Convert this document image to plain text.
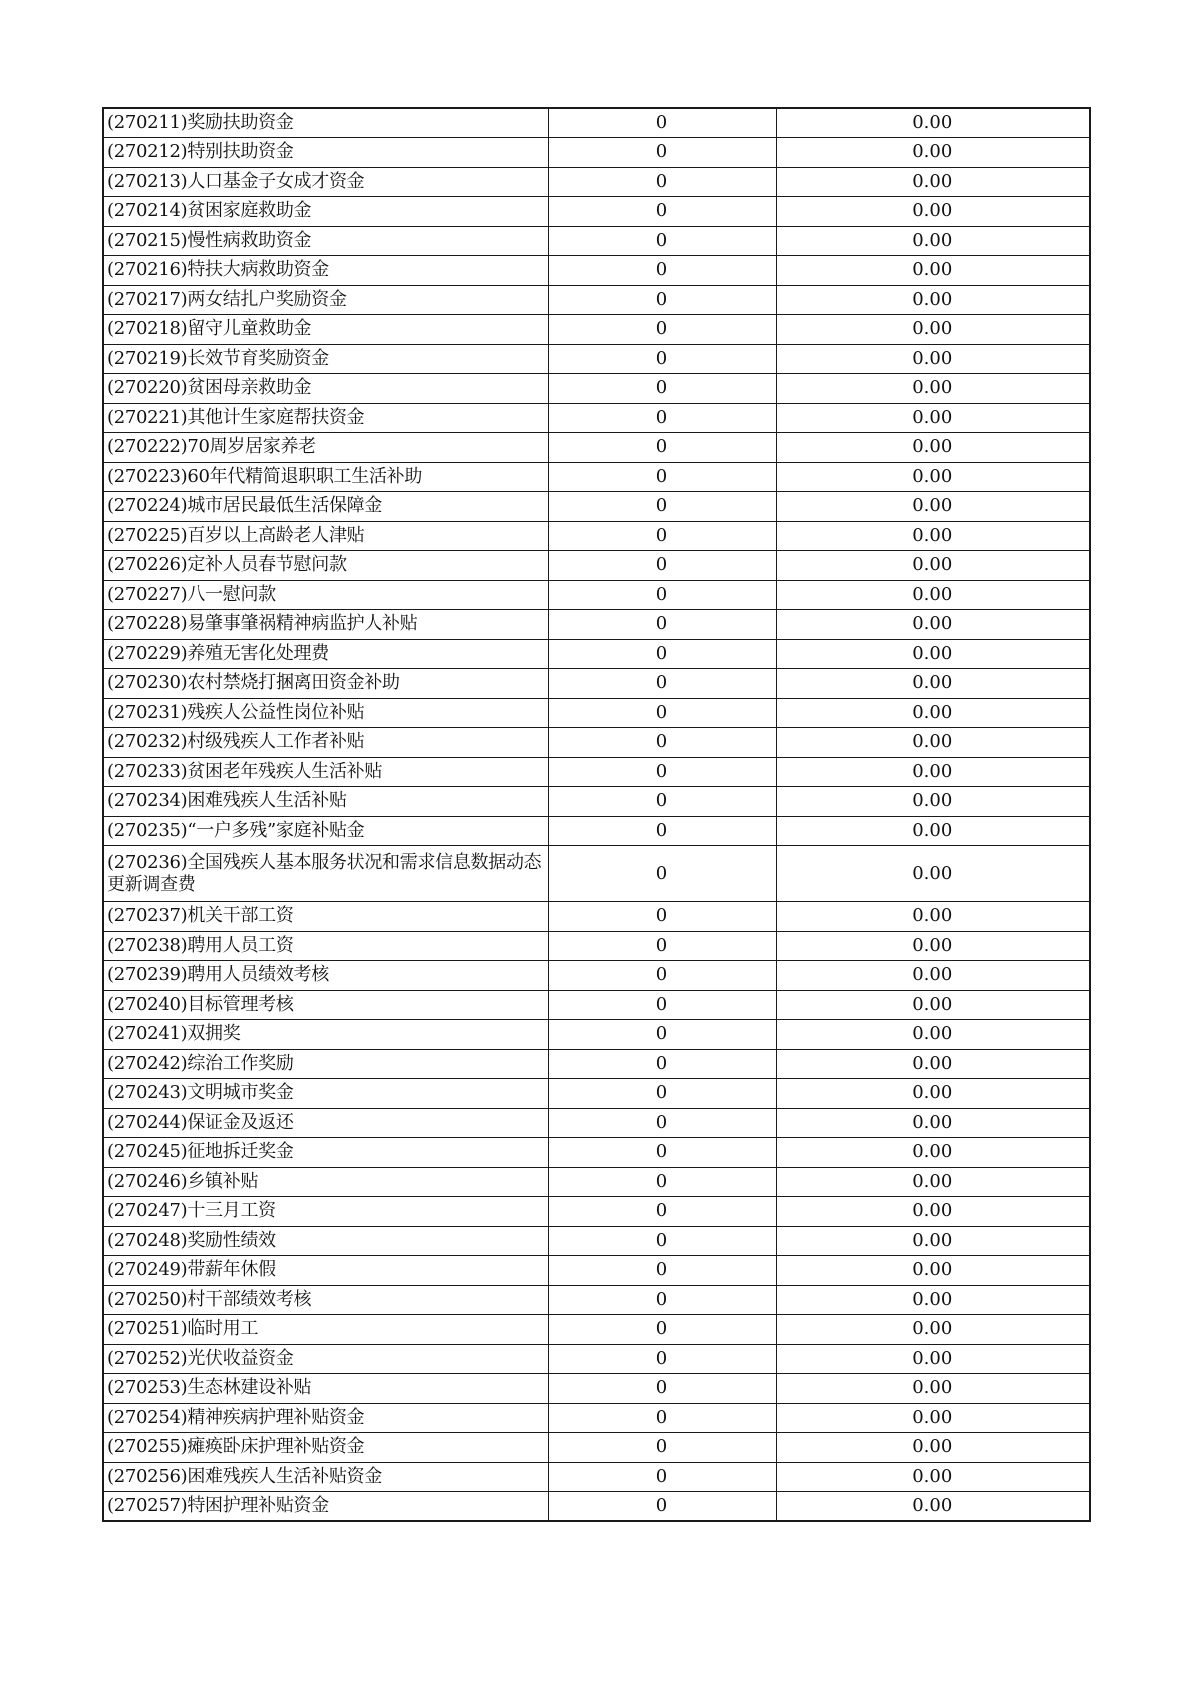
(270211)奖励扶助资金	0	0.00
(270212)特别扶助资金	0	0.00
(270213)人口基金子女成才资金	0	0.00
(270214)贫困家庭救助金	0	0.00
(270215)慢性病救助资金	0	0.00
(270216)特扶大病救助资金	0	0.00
(270217)两女结扎户奖励资金	0	0.00
(270218)留守儿童救助金	0	0.00
(270219)长效节育奖励资金	0	0.00
(270220)贫困母亲救助金	0	0.00
(270221)其他计生家庭帮扶资金	0	0.00
(270222)70周岁居家养老	0	0.00
(270223)60年代精简退职职工生活补助	0	0.00
(270224)城市居民最低生活保障金	0	0.00
(270225)百岁以上高龄老人津贴	0	0.00
(270226)定补人员春节慰问款	0	0.00
(270227)八一慰问款	0	0.00
(270228)易肇事肇祸精神病监护人补贴	0	0.00
(270229)养殖无害化处理费	0	0.00
(270230)农村禁烧打捆离田资金补助	0	0.00
(270231)残疾人公益性岗位补贴	0	0.00
(270232)村级残疾人工作者补贴	0	0.00
(270233)贫困老年残疾人生活补贴	0	0.00
(270234)困难残疾人生活补贴	0	0.00
(270235)“一户多残”家庭补贴金	0	0.00
(270236)全国残疾人基本服务状况和需求信息数据动态更新调查费	0	0.00
(270237)机关干部工资	0	0.00
(270238)聘用人员工资	0	0.00
(270239)聘用人员绩效考核	0	0.00
(270240)目标管理考核	0	0.00
(270241)双拥奖	0	0.00
(270242)综治工作奖励	0	0.00
(270243)文明城市奖金	0	0.00
(270244)保证金及返还	0	0.00
(270245)征地拆迁奖金	0	0.00
(270246)乡镇补贴	0	0.00
(270247)十三月工资	0	0.00
(270248)奖励性绩效	0	0.00
(270249)带薪年休假	0	0.00
(270250)村干部绩效考核	0	0.00
(270251)临时用工	0	0.00
(270252)光伏收益资金	0	0.00
(270253)生态林建设补贴	0	0.00
(270254)精神疾病护理补贴资金	0	0.00
(270255)瘫痪卧床护理补贴资金	0	0.00
(270256)困难残疾人生活补贴资金	0	0.00
(270257)特困护理补贴资金	0	0.00
